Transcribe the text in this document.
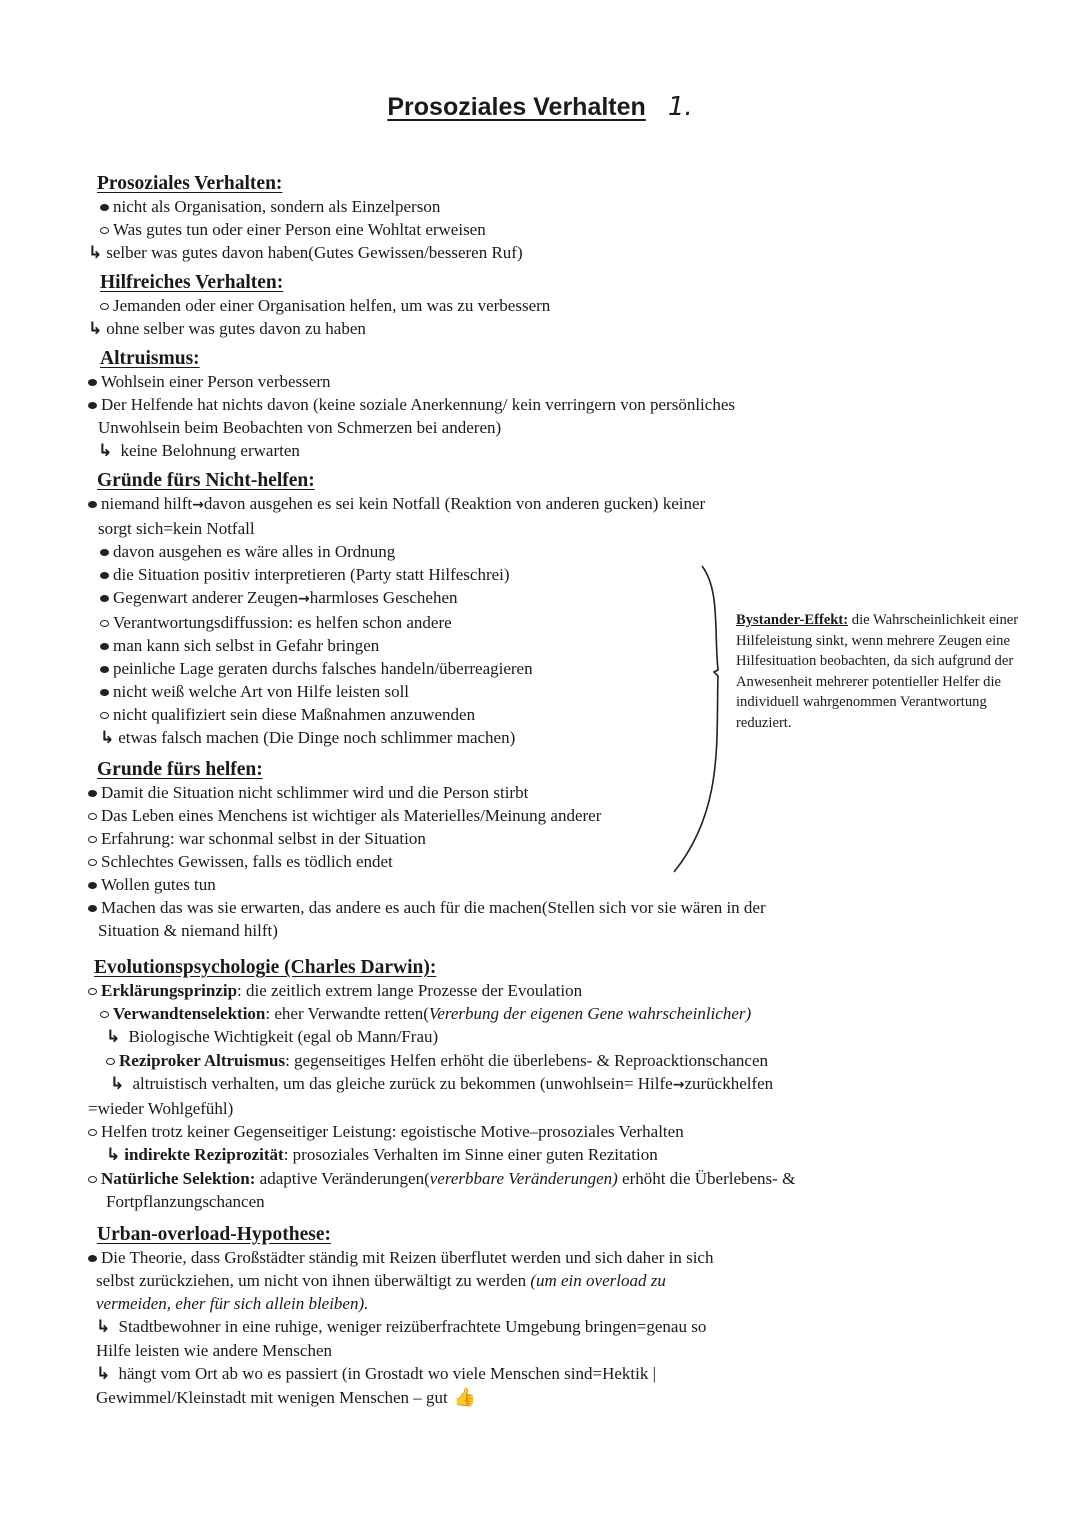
Prosoziales Verhalten 1.
Prosoziales Verhalten:
nicht als Organisation, sondern als Einzelperson
Was gutes tun oder einer Person eine Wohltat erweisen
↳ selber was gutes davon haben(Gutes Gewissen/besseren Ruf)
Hilfreiches Verhalten:
Jemanden oder einer Organisation helfen, um was zu verbessern
↳ ohne selber was gutes davon zu haben
Altruismus:
Wohlsein einer Person verbessern
Der Helfende hat nichts davon (keine soziale Anerkennung/ kein verringern von persönliches
Unwohlsein beim Beobachten von Schmerzen bei anderen)
↳ keine Belohnung erwarten
Gründe fürs Nicht-helfen:
niemand hilft→davon ausgehen es sei kein Notfall (Reaktion von anderen gucken) keiner
sorgt sich=kein Notfall
davon ausgehen es wäre alles in Ordnung
die Situation positiv interpretieren (Party statt Hilfeschrei)
Gegenwart anderer Zeugen→harmloses Geschehen
Verantwortungsdiffussion: es helfen schon andere
man kann sich selbst in Gefahr bringen
peinliche Lage geraten durchs falsches handeln/überreagieren
nicht weiß welche Art von Hilfe leisten soll
nicht qualifiziert sein diese Maßnahmen anzuwenden
↳ etwas falsch machen (Die Dinge noch schlimmer machen)
Grunde fürs helfen:
Damit die Situation nicht schlimmer wird und die Person stirbt
Das Leben eines Menchens ist wichtiger als Materielles/Meinung anderer
Erfahrung: war schonmal selbst in der Situation
Schlechtes Gewissen, falls es tödlich endet
Wollen gutes tun
Machen das was sie erwarten, das andere es auch für die machen(Stellen sich vor sie wären in der
Situation & niemand hilft)
Evolutionspsychologie (Charles Darwin):
Erklärungsprinzip: die zeitlich extrem lange Prozesse der Evoulation
Verwandtenselektion: eher Verwandte retten(Vererbung der eigenen Gene wahrscheinlicher)
↳ Biologische Wichtigkeit (egal ob Mann/Frau)
Reziproker Altruismus: gegenseitiges Helfen erhöht die überlebens- & Reproacktionschancen
↳ altruistisch verhalten, um das gleiche zurück zu bekommen (unwohlsein= Hilfe→zurückhelfen
=wieder Wohlgefühl)
Helfen trotz keiner Gegenseitiger Leistung: egoistische Motive–prosoziales Verhalten
↳ indirekte Reziprozität: prosoziales Verhalten im Sinne einer guten Rezitation
Natürliche Selektion: adaptive Veränderungen(vererbbare Veränderungen) erhöht die Überlebens- &
Fortpflanzungschancen
Urban-overload-Hypothese:
Die Theorie, dass Großstädter ständig mit Reizen überflutet werden und sich daher in sich
selbst zurückziehen, um nicht von ihnen überwältigt zu werden (um ein overload zu
vermeiden, eher für sich allein bleiben).
↳ Stadtbewohner in eine ruhige, weniger reizüberfrachtete Umgebung bringen=genau so
Hilfe leisten wie andere Menschen
↳ hängt vom Ort ab wo es passiert (in Grostadt wo viele Menschen sind=Hektik |
Gewimmel/Kleinstadt mit wenigen Menschen – gut 👍
Bystander-Effekt: die Wahrscheinlichkeit einer Hilfeleistung sinkt, wenn mehrere Zeugen eine Hilfesituation beobachten, da sich aufgrund der Anwesenheit mehrerer potentieller Helfer die individuell wahrgenommen Verantwortung reduziert.
